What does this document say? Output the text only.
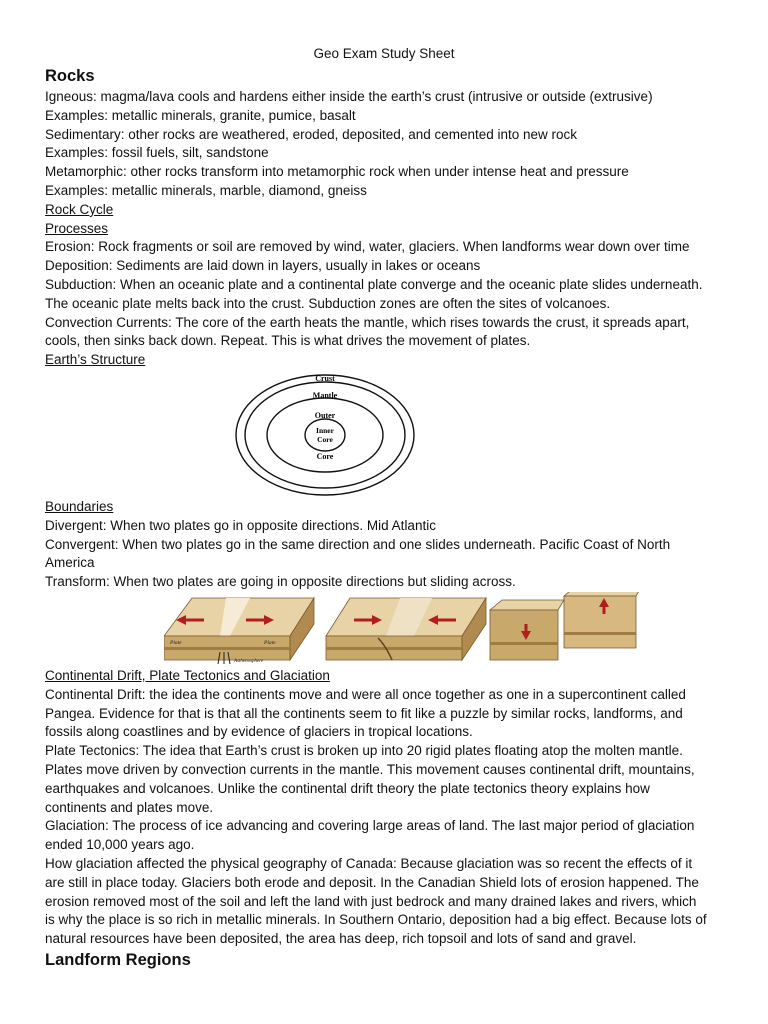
Geo Exam Study Sheet
Rocks
Igneous: magma/lava cools and hardens either inside the earth’s crust (intrusive or outside (extrusive)
Examples: metallic minerals, granite, pumice, basalt
Sedimentary: other rocks are weathered, eroded, deposited, and cemented into new rock
Examples: fossil fuels, silt, sandstone
Metamorphic: other rocks transform into metamorphic rock when under intense heat and pressure
Examples: metallic minerals, marble, diamond, gneiss
Rock Cycle
Processes
Erosion: Rock fragments or soil are removed by wind, water, glaciers. When landforms wear down over time
Deposition: Sediments are laid down in layers, usually in lakes or oceans
Subduction: When an oceanic plate and a continental plate converge and the oceanic plate slides underneath.
The oceanic plate melts back into the crust. Subduction zones are often the sites of volcanoes.
Convection Currents: The core of the earth heats the mantle, which rises towards the crust, it spreads apart,
cools, then sinks back down. Repeat. This is what drives the movement of plates.
Earth’s Structure
Crust
Mantle
Outer
Inner
Core
Core
Boundaries
Divergent: When two plates go in opposite directions. Mid Atlantic
Convergent: When two plates go in the same direction and one slides underneath. Pacific Coast of North
America
Transform: When two plates are going in opposite directions but sliding across.
Plate	Plate
Asthenosphere
Continental Drift, Plate Tectonics and Glaciation
Continental Drift: the idea the continents move and were all once together as one in a supercontinent called
Pangea. Evidence for that is that all the continents seem to fit like a puzzle by similar rocks, landforms, and
fossils along coastlines and by evidence of glaciers in tropical locations.
Plate Tectonics: The idea that Earth’s crust is broken up into 20 rigid plates floating atop the molten mantle.
Plates move driven by convection currents in the mantle. This movement causes continental drift, mountains,
earthquakes and volcanoes. Unlike the continental drift theory the plate tectonics theory explains how
continents and plates move.
Glaciation: The process of ice advancing and covering large areas of land. The last major period of glaciation
ended 10,000 years ago.
How glaciation affected the physical geography of Canada: Because glaciation was so recent the effects of it
are still in place today. Glaciers both erode and deposit. In the Canadian Shield lots of erosion happened. The
erosion removed most of the soil and left the land with just bedrock and many drained lakes and rivers, which
is why the place is so rich in metallic minerals. In Southern Ontario, deposition had a big effect. Because lots of
natural resources have been deposited, the area has deep, rich topsoil and lots of sand and gravel.
Landform Regions
